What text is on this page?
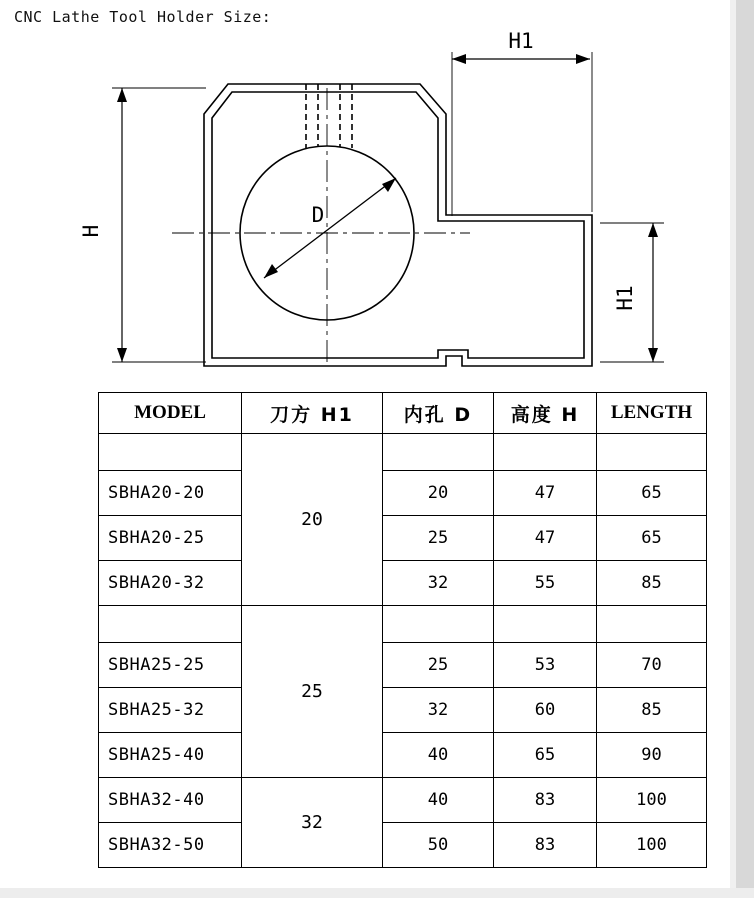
CNC Lathe Tool Holder Size:
H
H1
H1
D
MODEL	刀方 H1	内孔 D	高度 H	LENGTH
	20			
SBHA20-20		20	47	65
SBHA20-25		25	47	65
SBHA20-32		32	55	85
	25			
SBHA25-25		25	53	70
SBHA25-32		32	60	85
SBHA25-40		40	65	90
SBHA32-40	32	40	83	100
SBHA32-50		50	83	100
